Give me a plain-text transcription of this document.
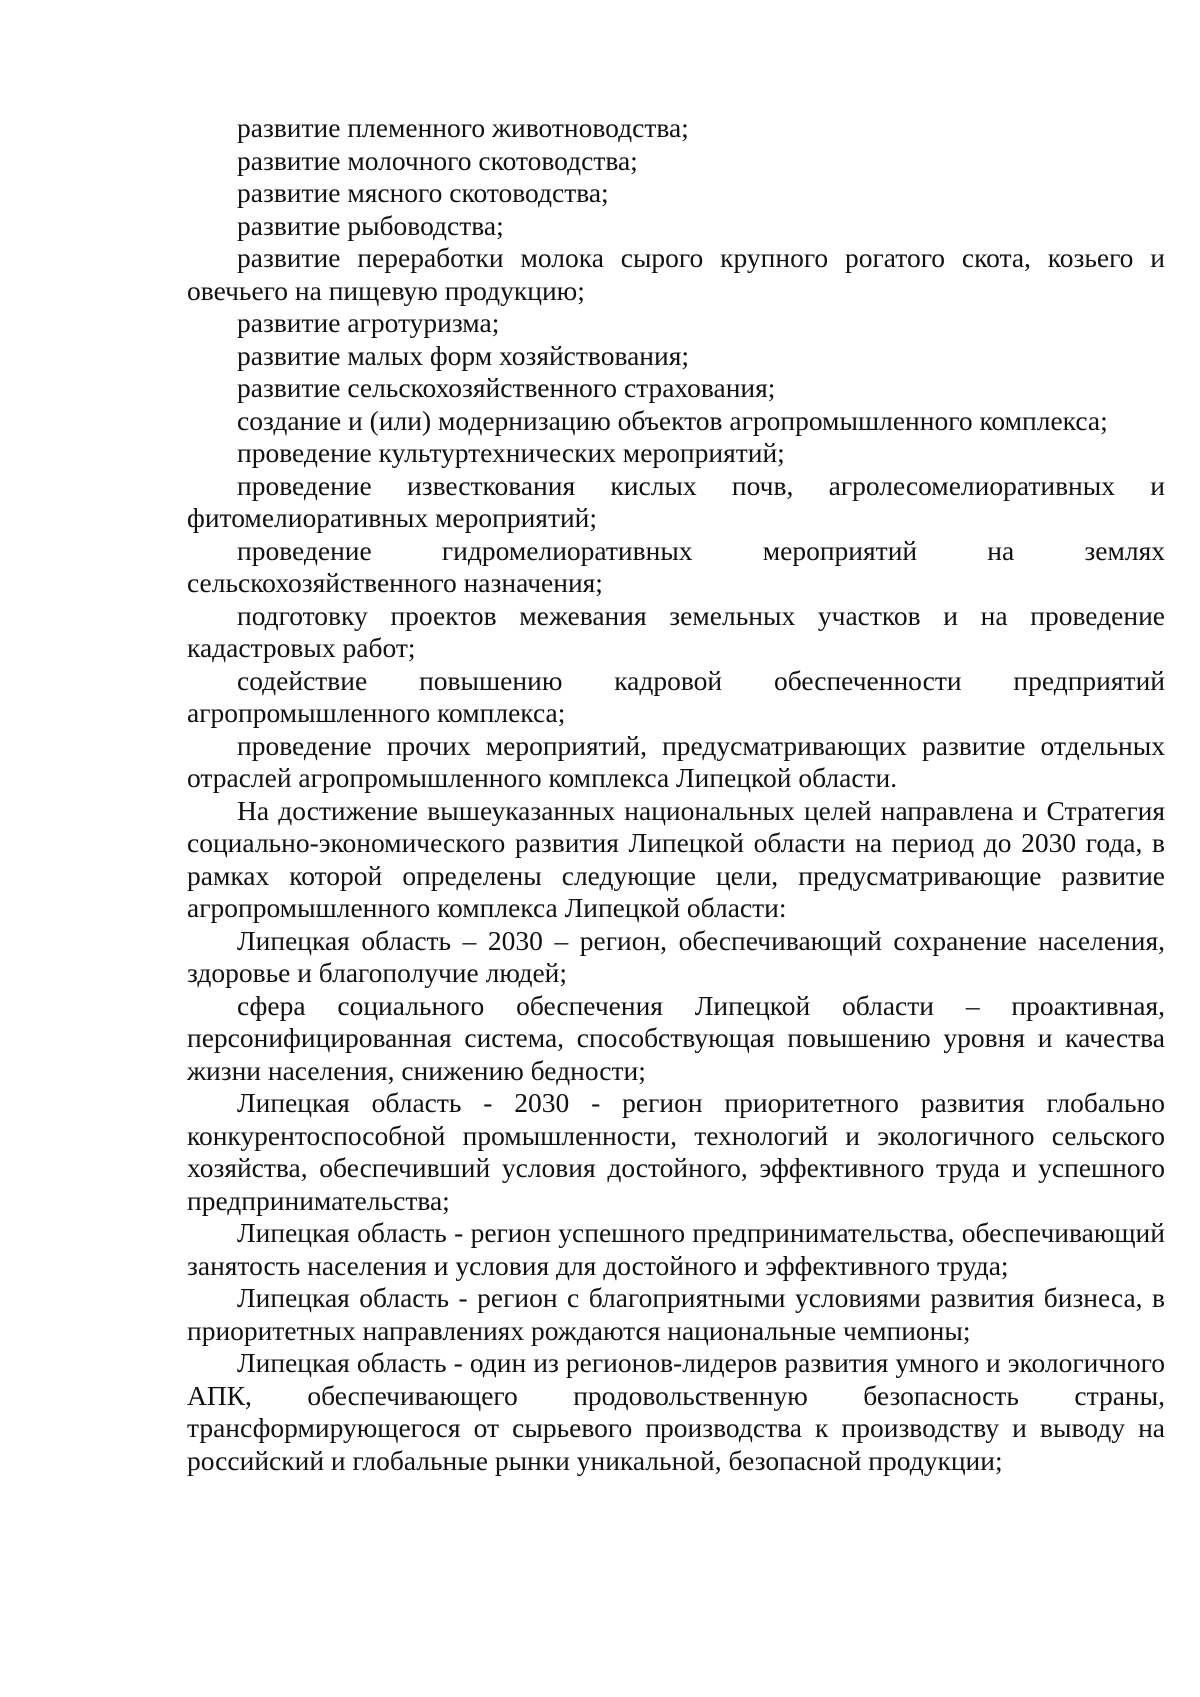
развитие племенного животноводства;

развитие молочного скотоводства;

развитие мясного скотоводства;

развитие рыбоводства;

развитие переработки молока сырого крупного рогатого скота, козьего и овечьего на пищевую продукцию;

развитие агротуризма;

развитие малых форм хозяйствования;

развитие сельскохозяйственного страхования;

создание и (или) модернизацию объектов агропромышленного комплекса;

проведение культуртехнических мероприятий;

проведение известкования кислых почв, агролесомелиоративных и фитомелиоративных мероприятий;

проведение гидромелиоративных мероприятий на землях сельскохозяйственного назначения;

подготовку проектов межевания земельных участков и на проведение кадастровых работ;

содействие повышению кадровой обеспеченности предприятий агропромышленного комплекса;

проведение прочих мероприятий, предусматривающих развитие отдельных отраслей агропромышленного комплекса Липецкой области.

На достижение вышеуказанных национальных целей направлена и Стратегия социально-экономического развития Липецкой области на период до 2030 года, в рамках которой определены следующие цели, предусматривающие развитие агропромышленного комплекса Липецкой области:

Липецкая область – 2030 – регион, обеспечивающий сохранение населения, здоровье и благополучие людей;

сфера социального обеспечения Липецкой области – проактивная, персонифицированная система, способствующая повышению уровня и качества жизни населения, снижению бедности;

Липецкая область - 2030 - регион приоритетного развития глобально конкурентоспособной промышленности, технологий и экологичного сельского хозяйства, обеспечивший условия достойного, эффективного труда и успешного предпринимательства;

Липецкая область - регион успешного предпринимательства, обеспечивающий занятость населения и условия для достойного и эффективного труда;

Липецкая область - регион с благоприятными условиями развития бизнеса, в приоритетных направлениях рождаются национальные чемпионы;

Липецкая область - один из регионов-лидеров развития умного и экологичного АПК, обеспечивающего продовольственную безопасность страны, трансформирующегося от сырьевого производства к производству и выводу на российский и глобальные рынки уникальной, безопасной продукции;
